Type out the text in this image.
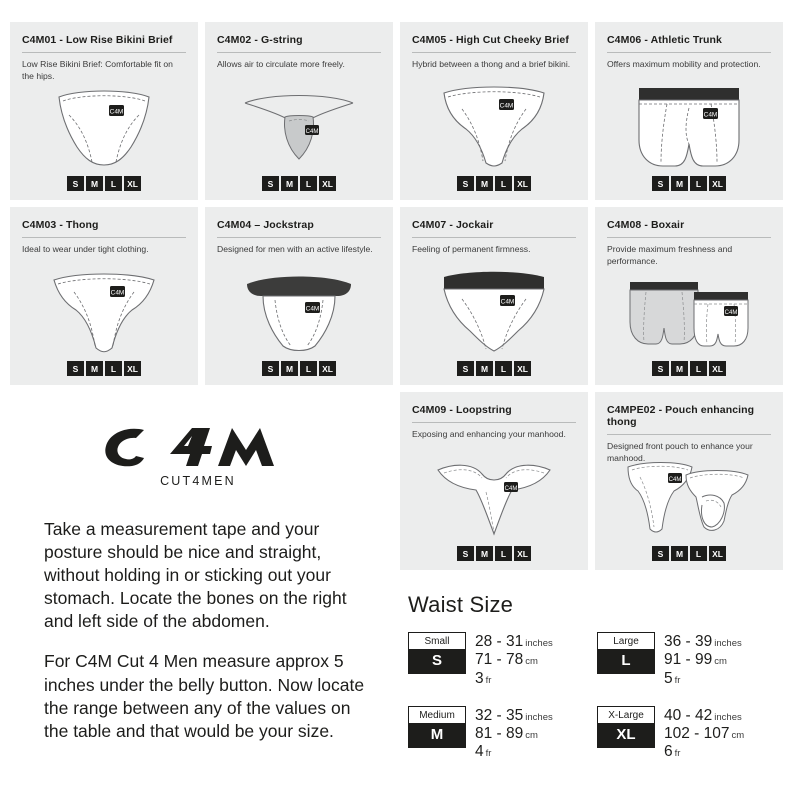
C4M01 - Low Rise Bikini Brief
Low Rise Bikini Brief: Comfortable fit on the hips.
C4M
S	M	L	XL
C4M02 - G-string
Allows air to circulate more freely.
C4M
S	M	L	XL
C4M05 - High Cut Cheeky Brief
Hybrid between a thong and a brief bikini.
C4M
S	M	L	XL
C4M06 - Athletic Trunk
Offers maximum mobility and protection.
C4M
S	M	L	XL
C4M03 - Thong
Ideal to wear under tight clothing.
C4M
S	M	L	XL
C4M04 – Jockstrap
Designed for men with an active lifestyle.
C4M
S	M	L	XL
C4M07 - Jockair
Feeling of permanent firmness.
C4M
S	M	L	XL
C4M08 - Boxair
Provide maximum freshness and performance.
C4M
S	M	L	XL
C4M09 - Loopstring
Exposing and enhancing your manhood.
C4M
S	M	L	XL
C4MPE02 - Pouch enhancing thong
Designed front pouch to enhance your manhood.
C4M
S	M	L	XL
CUT4MEN

Take a measurement tape and your posture should be nice and straight, without holding in or sticking out your stomach. Locate the bones on the right and left side of the abdomen.

For C4M Cut 4 Men measure approx 5 inches under the belly button. Now locate the range between any of the values on the table and that would be your size.

Waist Size
Small
S
28 - 31 inches
71 - 78 cm
3 fr
Large
L
36 - 39 inches
91 - 99 cm
5 fr
Medium
M
32 - 35 inches
81 - 89 cm
4 fr
X-Large
XL
40 - 42 inches
102 - 107 cm
6 fr
